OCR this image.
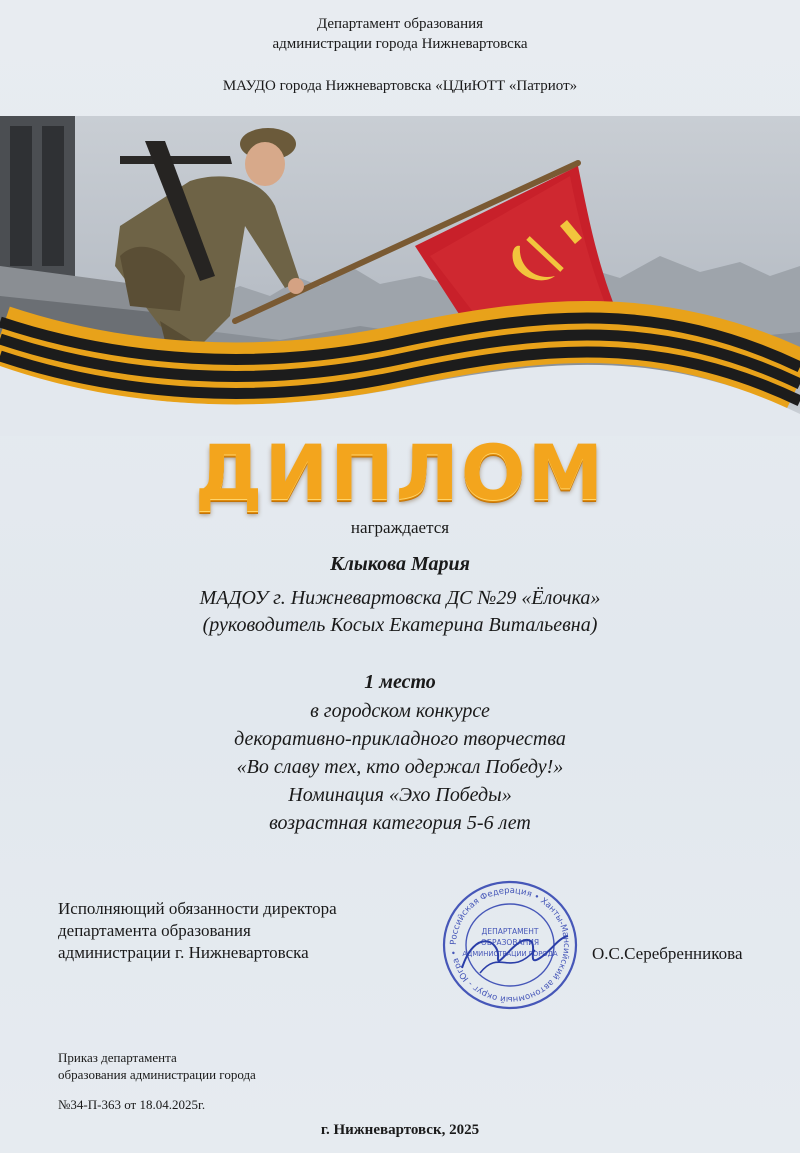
Департамент образования
администрации города Нижневартовска
МАУДО города Нижневартовска «ЦДиЮТТ «Патриот»
ДИПЛОМ
награждается
Клыкова Мария
МАДОУ г. Нижневартовска ДС №29 «Ёлочка»
(руководитель Косых Екатерина Витальевна)
1 место
в городском конкурсе
декоративно-прикладного творчества
«Во славу тех, кто одержал Победу!»
Номинация «Эхо Победы»
возрастная категория 5-6 лет
Исполняющий обязанности директора
департамента образования
администрации г. Нижневартовска
Российская Федерация • Ханты-Мансийский автономный округ - Югра •
ДЕПАРТАМЕНТ
ОБРАЗОВАНИЯ
АДМИНИСТРАЦИИ ГОРОДА О.С.Серебренникова
Приказ департамента
образования администрации города
№34-П-363 от 18.04.2025г.
г. Нижневартовск, 2025
